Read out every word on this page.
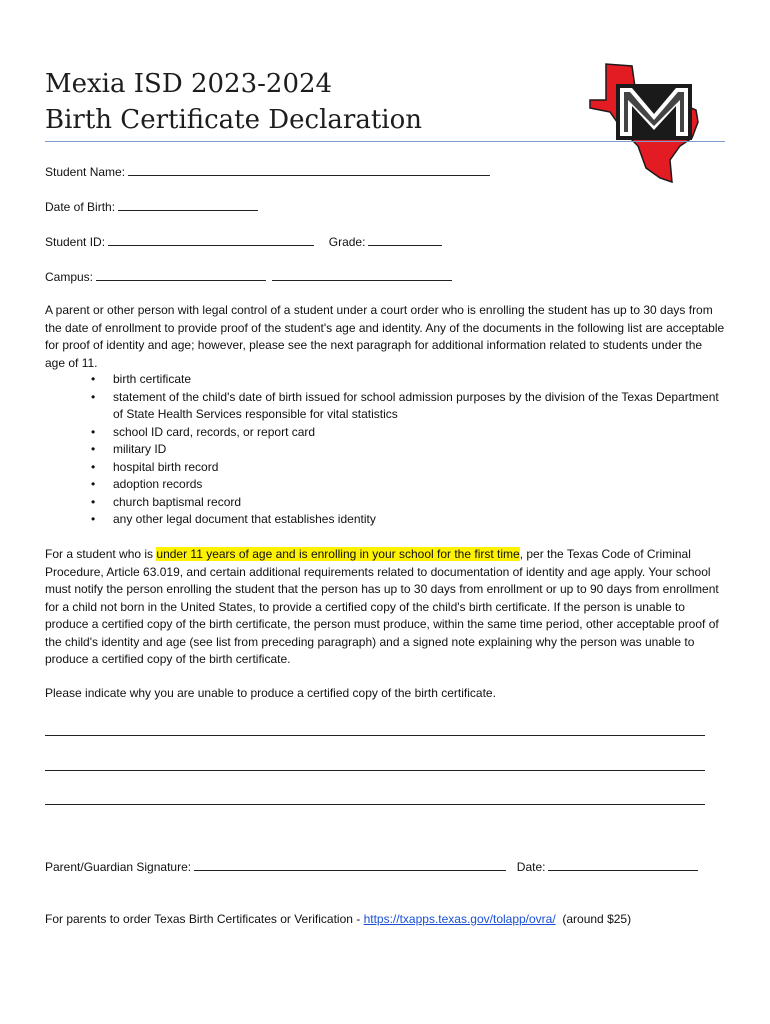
Mexia ISD 2023-2024
Birth Certificate Declaration
Student Name:
Date of Birth:
Student ID:	Grade:
Campus:

A parent or other person with legal control of a student under a court order who is enrolling the student has up to 30 days from the date of enrollment to provide proof of the student's age and identity. Any of the documents in the following list are acceptable for proof of identity and age; however, please see the next paragraph for additional information related to students under the age of 11.

• birth certificate
• statement of the child's date of birth issued for school admission purposes by the division of the Texas Department of State Health Services responsible for vital statistics
• school ID card, records, or report card
• military ID
• hospital birth record
• adoption records
• church baptismal record
• any other legal document that establishes identity

For a student who is under 11 years of age and is enrolling in your school for the first time, per the Texas Code of Criminal Procedure, Article 63.019, and certain additional requirements related to documentation of identity and age apply. Your school must notify the person enrolling the student that the person has up to 30 days from enrollment or up to 90 days from enrollment for a child not born in the United States, to provide a certified copy of the child's birth certificate. If the person is unable to produce a certified copy of the birth certificate, the person must produce, within the same time period, other acceptable proof of the child's identity and age (see list from preceding paragraph) and a signed note explaining why the person was unable to produce a certified copy of the birth certificate.

Please indicate why you are unable to produce a certified copy of the birth certificate.

Parent/Guardian Signature:	Date:
For parents to order Texas Birth Certificates or Verification - https://txapps.texas.gov/tolapp/ovra/  (around $25)
